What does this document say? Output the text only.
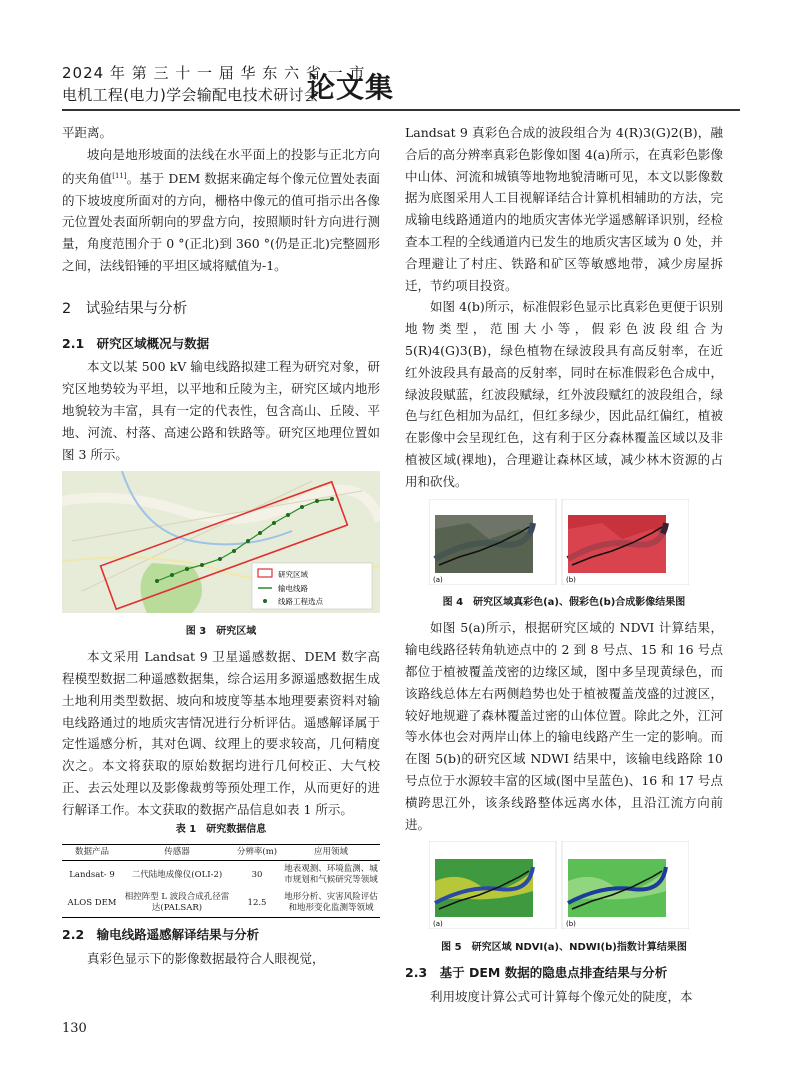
2024 年 第 三 十 一 届 华 东 六 省 一 市
电机工程(电力)学会输配电技术研讨会
论文集

平距离。

坡向是地形坡面的法线在水平面上的投影与正北方向的夹角值[11]。基于 DEM 数据来确定每个像元位置处表面的下坡坡度所面对的方向，栅格中像元的值可指示出各像元位置处表面所朝向的罗盘方向，按照顺时针方向进行测量，角度范围介于 0 °(正北)到 360 °(仍是正北)完整圆形之间，法线铅锤的平坦区域将赋值为-1。

2　试验结果与分析
2.1　研究区域概况与数据

本文以某 500 kV 输电线路拟建工程为研究对象，研究区地势较为平坦，以平地和丘陵为主，研究区域内地形地貌较为丰富，具有一定的代表性，包含高山、丘陵、平地、河流、村落、高速公路和铁路等。研究区地理位置如图 3 所示。

研究区域
输电线路
线路工程选点
图 3　研究区域

本文采用 Landsat 9 卫星遥感数据、DEM 数字高程模型数据二种遥感数据集，综合运用多源遥感数据生成土地利用类型数据、坡向和坡度等基本地理要素资料对输电线路通过的地质灾害情况进行分析评估。遥感解译属于定性遥感分析，其对色调、纹理上的要求较高，几何精度次之。本文将获取的原始数据均进行几何校正、大气校正、去云处理以及影像裁剪等预处理工作，从而更好的进行解译工作。本文获取的数据产品信息如表 1 所示。

表 1　研究数据信息
数据产品	传感器	分辨率(m)	应用领域
Landsat- 9	二代陆地成像仪(OLI-2)	30	地表观测、环境监测、城市规划和气候研究等领域
ALOS DEM	相控阵型 L 波段合成孔径雷达(PALSAR)	12.5	地形分析、灾害风险评估和地形变化监测等领域
2.2　输电线路遥感解译结果与分析

真彩色显示下的影像数据最符合人眼视觉，

Landsat 9 真彩色合成的波段组合为 4(R)3(G)2(B)，融合后的高分辨率真彩色影像如图 4(a)所示，在真彩色影像中山体、河流和城镇等地物地貌清晰可见，本文以影像数据为底图采用人工目视解译结合计算机相辅助的方法，完成输电线路通道内的地质灾害体光学遥感解译识别，经检查本工程的全线通道内已发生的地质灾害区域为 0 处，并合理避让了村庄、铁路和矿区等敏感地带，减少房屋拆迁，节约项目投资。

如图 4(b)所示，标准假彩色显示比真彩色更便于识别地物类型，范围大小等，假彩色波段组合为 5(R)4(G)3(B)，绿色植物在绿波段具有高反射率，在近红外波段具有最高的反射率，同时在标准假彩色合成中，绿波段赋蓝，红波段赋绿，红外波段赋红的波段组合，绿色与红色相加为品红，但红多绿少，因此品红偏红，植被在影像中会呈现红色，这有利于区分森林覆盖区域以及非植被区域(裸地)，合理避让森林区域，减少林木资源的占用和砍伐。

(a)	(b)
图 4　研究区域真彩色(a)、假彩色(b)合成影像结果图

如图 5(a)所示，根据研究区域的 NDVI 计算结果，输电线路径转角轨迹点中的 2 到 8 号点、15 和 16 号点都位于植被覆盖茂密的边缘区域，图中多呈现黄绿色，而该路线总体左右两侧趋势也处于植被覆盖茂盛的过渡区，较好地规避了森林覆盖过密的山体位置。除此之外，江河等水体也会对两岸山体上的输电线路产生一定的影响。而在图 5(b)的研究区域 NDWI 结果中，该输电线路除 10 号点位于水源较丰富的区域(图中呈蓝色)、16 和 17 号点横跨思江外，该条线路整体远离水体，且沿江流方向前进。

(a)	(b)
图 5　研究区域 NDVI(a)、NDWI(b)指数计算结果图
2.3　基于 DEM 数据的隐患点排查结果与分析

利用坡度计算公式可计算每个像元处的陡度，本

130
